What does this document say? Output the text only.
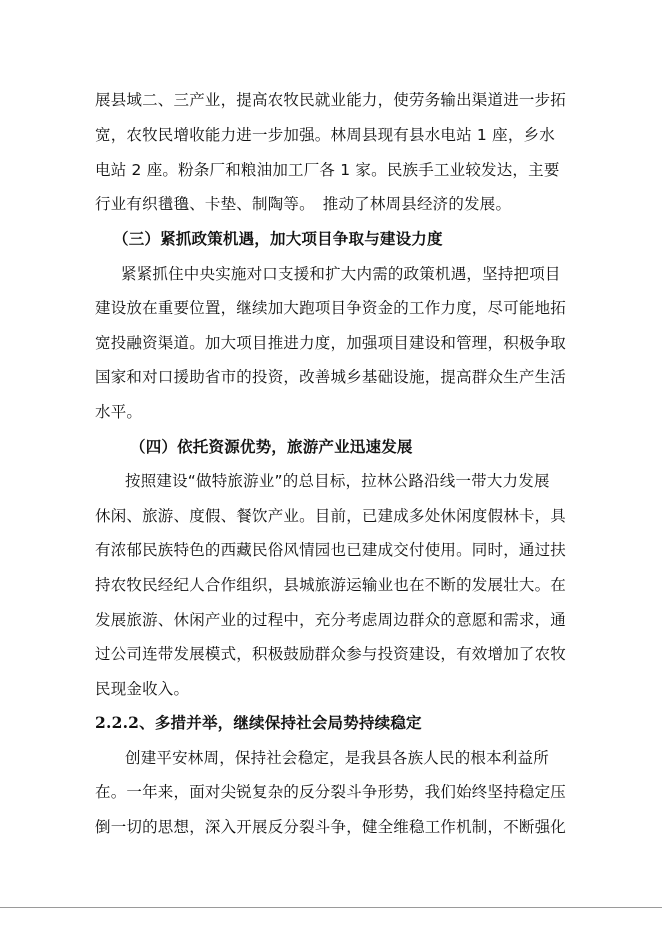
展县域二、三产业，提高农牧民就业能力，使劳务输出渠道进一步拓
宽，农牧民增收能力进一步加强。林周县现有县水电站 1 座，乡水
电站 2 座。粉条厂和粮油加工厂各 1 家。民族手工业较发达，主要
行业有织氆氇、卡垫、制陶等。　推动了林周县经济的发展。
（三）紧抓政策机遇，加大项目争取与建设力度
紧紧抓住中央实施对口支援和扩大内需的政策机遇，坚持把项目
建设放在重要位置，继续加大跑项目争资金的工作力度，尽可能地拓
宽投融资渠道。加大项目推进力度，加强项目建设和管理，积极争取
国家和对口援助省市的投资，改善城乡基础设施，提高群众生产生活
水平。
（四）依托资源优势，旅游产业迅速发展
按照建设“做特旅游业”的总目标，拉林公路沿线一带大力发展
休闲、旅游、度假、餐饮产业。目前，已建成多处休闲度假林卡，具
有浓郁民族特色的西藏民俗风情园也已建成交付使用。同时，通过扶
持农牧民经纪人合作组织，县城旅游运输业也在不断的发展壮大。在
发展旅游、休闲产业的过程中，充分考虑周边群众的意愿和需求，通
过公司连带发展模式，积极鼓励群众参与投资建设，有效增加了农牧
民现金收入。
2.2.2、多措并举，继续保持社会局势持续稳定
创建平安林周，保持社会稳定，是我县各族人民的根本利益所
在。一年来，面对尖锐复杂的反分裂斗争形势，我们始终坚持稳定压
倒一切的思想，深入开展反分裂斗争，健全维稳工作机制，不断强化
